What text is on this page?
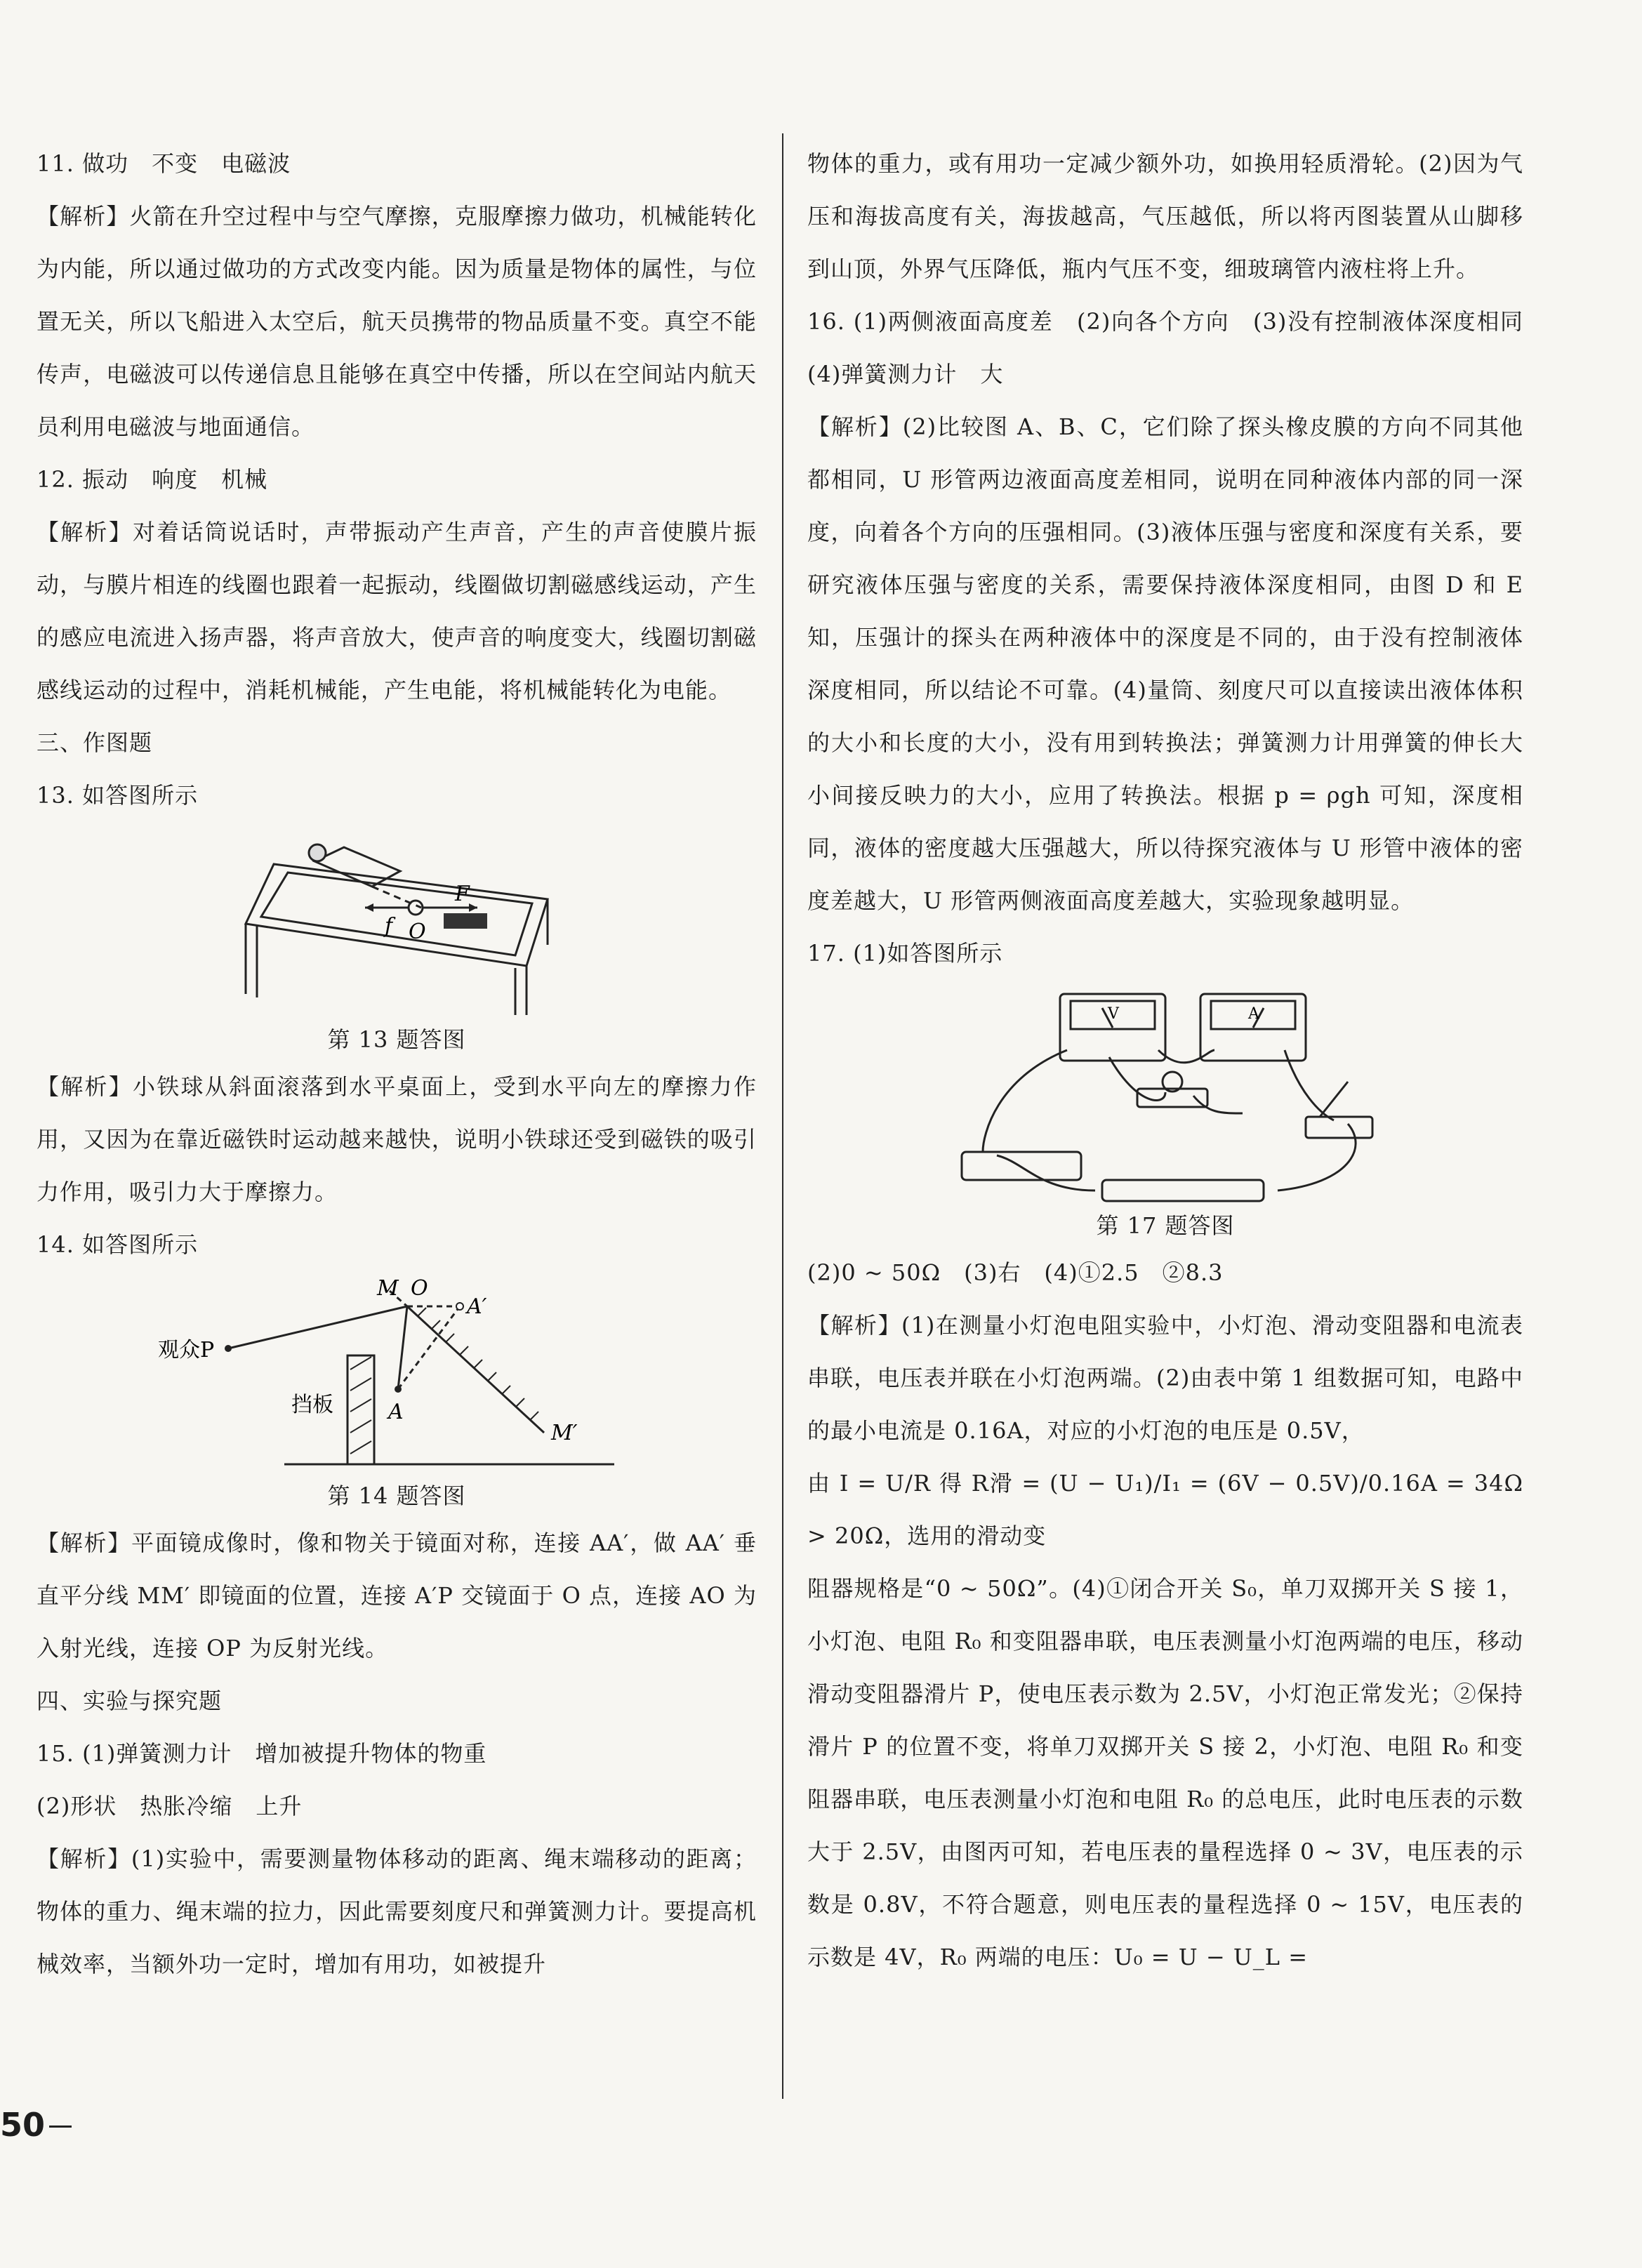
11. 做功　不变　电磁波

【解析】火箭在升空过程中与空气摩擦，克服摩擦力做功，机械能转化为内能，所以通过做功的方式改变内能。因为质量是物体的属性，与位置无关，所以飞船进入太空后，航天员携带的物品质量不变。真空不能传声，电磁波可以传递信息且能够在真空中传播，所以在空间站内航天员利用电磁波与地面通信。

12. 振动　响度　机械

【解析】对着话筒说话时，声带振动产生声音，产生的声音使膜片振动，与膜片相连的线圈也跟着一起振动，线圈做切割磁感线运动，产生的感应电流进入扬声器，将声音放大，使声音的响度变大，线圈切割磁感线运动的过程中，消耗机械能，产生电能，将机械能转化为电能。

三、作图题

13. 如答图所示

F
f O

第 13 题答图

【解析】小铁球从斜面滚落到水平桌面上，受到水平向左的摩擦力作用，又因为在靠近磁铁时运动越来越快，说明小铁球还受到磁铁的吸引力作用，吸引力大于摩擦力。

14. 如答图所示

M O
A′
观众P
挡板	A
M′

第 14 题答图

【解析】平面镜成像时，像和物关于镜面对称，连接 AA′，做 AA′ 垂直平分线 MM′ 即镜面的位置，连接 A′P 交镜面于 O 点，连接 AO 为入射光线，连接 OP 为反射光线。

四、实验与探究题

15. (1)弹簧测力计　增加被提升物体的物重

(2)形状　热胀冷缩　上升

【解析】(1)实验中，需要测量物体移动的距离、绳末端移动的距离；物体的重力、绳末端的拉力，因此需要刻度尺和弹簧测力计。要提高机械效率，当额外功一定时，增加有用功，如被提升

物体的重力，或有用功一定减少额外功，如换用轻质滑轮。(2)因为气压和海拔高度有关，海拔越高，气压越低，所以将丙图装置从山脚移到山顶，外界气压降低，瓶内气压不变，细玻璃管内液柱将上升。

16. (1)两侧液面高度差　(2)向各个方向　(3)没有控制液体深度相同　(4)弹簧测力计　大

【解析】(2)比较图 A、B、C，它们除了探头橡皮膜的方向不同其他都相同，U 形管两边液面高度差相同，说明在同种液体内部的同一深度，向着各个方向的压强相同。(3)液体压强与密度和深度有关系，要研究液体压强与密度的关系，需要保持液体深度相同，由图 D 和 E 知，压强计的探头在两种液体中的深度是不同的，由于没有控制液体深度相同，所以结论不可靠。(4)量筒、刻度尺可以直接读出液体体积的大小和长度的大小，没有用到转换法；弹簧测力计用弹簧的伸长大小间接反映力的大小，应用了转换法。根据 p = ρgh 可知，深度相同，液体的密度越大压强越大，所以待探究液体与 U 形管中液体的密度差越大，U 形管两侧液面高度差越大，实验现象越明显。

17. (1)如答图所示

V	A

第 17 题答图

(2)0 ~ 50Ω　(3)右　(4)①2.5　②8.3

【解析】(1)在测量小灯泡电阻实验中，小灯泡、滑动变阻器和电流表串联，电压表并联在小灯泡两端。(2)由表中第 1 组数据可知，电路中的最小电流是 0.16A，对应的小灯泡的电压是 0.5V，

由 I = U/R 得 R滑 = (U − U₁)/I₁ = (6V − 0.5V)/0.16A = 34Ω > 20Ω，选用的滑动变

阻器规格是“0 ~ 50Ω”。(4)①闭合开关 S₀，单刀双掷开关 S 接 1，小灯泡、电阻 R₀ 和变阻器串联，电压表测量小灯泡两端的电压，移动滑动变阻器滑片 P，使电压表示数为 2.5V，小灯泡正常发光；②保持滑片 P 的位置不变，将单刀双掷开关 S 接 2，小灯泡、电阻 R₀ 和变阻器串联，电压表测量小灯泡和电阻 R₀ 的总电压，此时电压表的示数大于 2.5V，由图丙可知，若电压表的量程选择 0 ~ 3V，电压表的示数是 0.8V，不符合题意，则电压表的量程选择 0 ~ 15V，电压表的示数是 4V，R₀ 两端的电压：U₀ = U − U_L =

50
